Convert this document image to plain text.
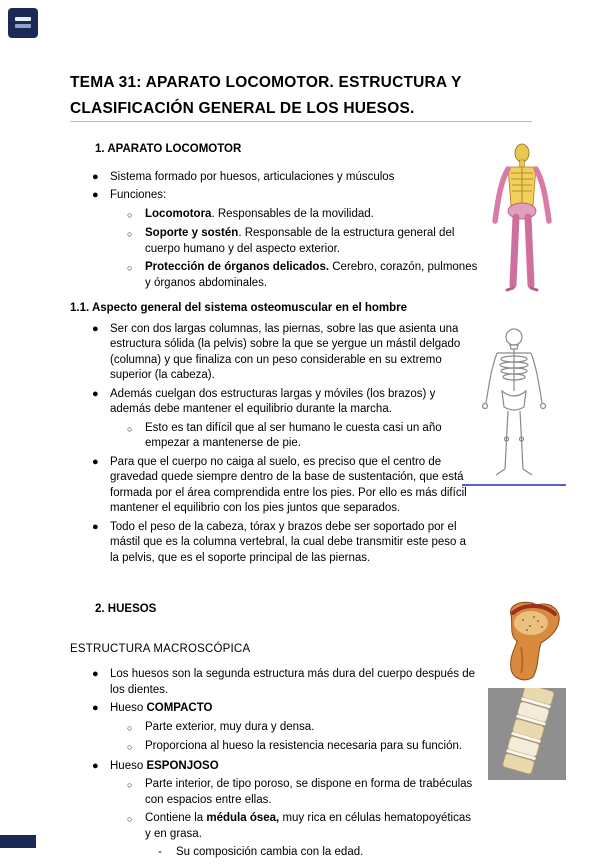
TEMA 31: APARATO LOCOMOTOR. ESTRUCTURA Y
CLASIFICACIÓN GENERAL DE LOS HUESOS.
1. APARATO LOCOMOTOR
● Sistema formado por huesos, articulaciones y músculos
● Funciones:
○	Locomotora. Responsables de la movilidad.
○	Soporte y sostén. Responsable de la estructura general del cuerpo humano y del aspecto exterior.
○	Protección de órganos delicados. Cerebro, corazón, pulmones y órganos abdominales.
1.1. Aspecto general del sistema osteomuscular en el hombre
● Ser con dos largas columnas, las piernas, sobre las que asienta una estructura sólida (la pelvis) sobre la que se yergue un mástil delgado (columna) y que finaliza con un peso considerable en su extremo superior (la cabeza).
● Además cuelgan dos estructuras largas y móviles (los brazos) y además debe mantener el equilibrio durante la marcha.
○	Esto es tan difícil que al ser humano le cuesta casi un año empezar a mantenerse de pie.
● Para que el cuerpo no caiga al suelo, es preciso que el centro de gravedad quede siempre dentro de la base de sustentación, que está formada por el área comprendida entre los pies. Por ello es más difícil mantener el equilibrio con los pies juntos que separados.
● Todo el peso de la cabeza, tórax y brazos debe ser soportado por el mástil que es la columna vertebral, la cual debe transmitir este peso a la pelvis, que es el soporte principal de las piernas.
2. HUESOS
ESTRUCTURA MACROSCÓPICA
● Los huesos son la segunda estructura más dura del cuerpo después de los dientes.
● Hueso COMPACTO
○	Parte exterior, muy dura y densa.
○	Proporciona al hueso la resistencia necesaria para su función.
● Hueso ESPONJOSO
○	Parte interior, de tipo poroso, se dispone en forma de trabéculas con espacios entre ellas.
○	Contiene la médula ósea, muy rica en células hematopoyéticas y en grasa.
-	Su composición cambia con la edad.
